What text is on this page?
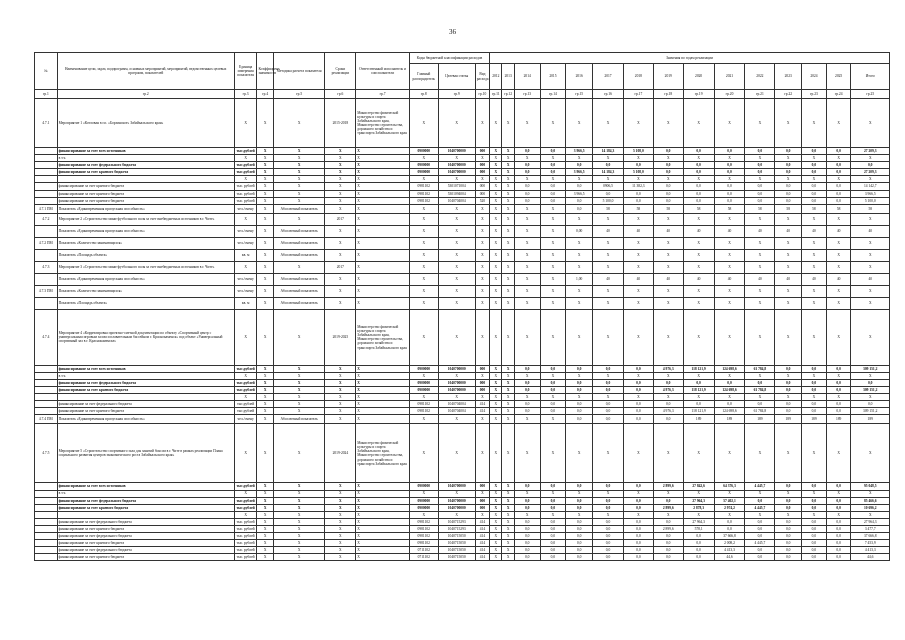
36
№	Наименование цели, задач, подпрограмм, основных мероприятий, мероприятий, ведомственных целевых программ, показателей	Единица измерения показателя	Коэффициент значимости	Методика расчета показателя	Сроки реализации	Ответственный исполнитель и соисполнители	Коды бюджетной классификации расходов			Значения по годам реализации														
							Главный распорядитель	Целевая статья	Вид расхода	2012	2013	2014	2015	2016	2017	2018	2019	2020	2021	2022	2023	2024	2025	Итого
гр.1	гр.2	гр.3	гр.4	гр.5	гр.6	гр.7	гр.8	гр.9	гр.10	гр.11	гр.12	гр.13	гр.14	гр.15	гр.16	гр.17	гр.18	гр.19	гр.20	гр.21	гр.22	гр.23	гр.24	гр.25
4.7.1	Мероприятие 1 «Котлован в г.п. «Борзинское» Забайкальского края»	X	X	X	2015-2018	Министерство физической культуры и спорта Забайкальского края, Министерство строительства, дорожного хозяйства и транспорта Забайкальского края	X	X	X	X	X	X	X	X	X	X	X	X	X	X	X	X	X	X
	финансирование за счет всех источников	тыс.рублей	X	X	X	X	0900000	1040700000	000	X	X	0,0	0,0	3 966,5	14 184,3	5 108,0	0,0	0,0	0,0	0,0	0,0	0,0	0,0	27 209,3
	в т.ч.	X	X	X	X	X	X	X	X	X	X	X	X	X	X	X	X	X	X	X	X	X	X	X
	финансирование за счет федерального бюджета	тыс.рублей	X	X	X	X	0900000	1040700000	000	X	X	0,0	0,0	0,0	0,0	0,0	0,0	0,0	0,0	0,0	0,0	0,0	0,0	0,0
	финансирование за счет краевого бюджета	тыс.рублей	X	X	X	X	0900000	1040700000	000	X	X	0,0	0,0	3 966,5	14 184,3	5 108,0	0,0	0,0	0,0	0,0	0,0	0,0	0,0	27 209,3
		X	X	X	X	X	X	X	X	X	X	X	X	X	X	X	X	X	X	X	X	X	X	X
	финансирование за счет краевого бюджета	тыс. рублей	X	X	X	X	0981102	5301071004	000	X	X	0,0	0,0	0,0	0906,5	11 382,3	0,0	0,0	0,0	0,0	0,0	0,0	0,0	14 142,7
	финансирование за счет краевого бюджета	тыс. рублей	X	X	X	X	0981102	5301094004	000	X	X	0,0	0,0	3 966,5	0,0	0,0	0,0	0,0	0,0	0,0	0,0	0,0	0,0	3 966,5
	финансирование за счет краевого бюджета	тыс. рублей	X	X	X	X	0981102	1040704004	520	X	X	0,0	0,0	0,0	5 100,0	0,0	0,0	0,0	0,0	0,0	0,0	0,0	0,0	5 100,0
4.7.1 ПМ	Показатель «Единовременная пропускная способность»	чел./смену	X	Абсолютный показатель	X	X	X	X	X	X	X	X	X	0,0	58	58	58	58	58	58	58	58	58	58
4.7.2	Мероприятие 2 «Строительство мини-футбольного поля за счет внебюджетных источников в г. Чите»	X	X	X	2017	X	X	X	X	X	X	X	X	X	X	X	X	X	X	X	X	X	X	X
	Показатель «Единовременная пропускная способность»	чел./смену	X	Абсолютный показатель	X	X	X	X	X	X	X	X	X	0,00	40	40	40	40	40	40	40	40	40	40
4.7.2 ПМ	Показатель «Количество занимающихся»	чел./смену	X	Абсолютный показатель	X	X	X	X	X	X	X	X	X	X	X	X	X	X	X	X	X	X	X	X
	Показатель «Площадь объекта»	кв. м	X	Абсолютный показатель	X	X	X	X	X	X	X	X	X	X	X	X	X	X	X	X	X	X	X	X
4.7.3	Мероприятие 3 «Строительство мини-футбольного поля за счет внебюджетных источников в г. Чите»	X	X	X	2017	X	X	X	X	X	X	X	X	X	X	X	X	X	X	X	X	X	X	X
	Показатель «Единовременная пропускная способность»	чел./смену	X	Абсолютный показатель	X	X	X	X	X	X	X	X	X	1,00	40	40	40	40	40	40	40	40	40	40
4.7.3 ПМ	Показатель «Количество занимающихся»	чел./смену	X	Абсолютный показатель	X	X	X	X	X	X	X	X	X	X	X	X	X	X	X	X	X	X	X	X
	Показатель «Площадь объекта»	кв. м	X	Абсолютный показатель	X	X	X	X	X	X	X	X	X	X	X	X	X	X	X	X	X	X	X	X
4.7.4	Мероприятие 4 «Корректировка проектно-сметной документации по объекту «Спортивный центр с универсальным игровым залом и плавательным бассейном г. Краснокаменск» под объект «Универсальный спортивный зал в г. Краснокаменске»	X	X	X	2019-2025	Министерство физической культуры и спорта Забайкальского края, Министерство строительства, дорожного хозяйства и транспорта Забайкальского края	X	X	X	X	X	X	X	X	X	X	X	X	X	X	X	X	X	X
	финансирование за счет всех источников	тыс.рублей	X	X	X	X	0900000	1040700000	000	X	X	0,0	0,0	0,0	0,0	0,0	4 976,3	118 121,9	124 698,6	61 784,8	0,0	0,0	0,0	309 151,2
	в т.ч.	X	X	X	X	X	X	X	X	X	X	X	X	X	X	X	X	X	X	X	X	X	X	X
	финансирование за счет федерального бюджета	тыс.рублей	X	X	X	X	0900000	1040700000	000	X	X	0,0	0,0	0,0	0,0	0,0	0,0	0,0	0,0	0,0	0,0	0,0	0,0	0,0
	финансирование за счет краевого бюджета	тыс.рублей	X	X	X	X	0900000	1040700000	000	X	X	0,0	0,0	0,0	0,0	0,0	4 976,3	118 121,9	124 698,6	61 784,8	0,0	0,0	0,0	309 151,2
		X	X	X	X	X	X	X	X	X	X	X	X	X	X	X	X	X	X	X	X	X	X	X
	финансирование за счет федерального бюджета	тыс.рублей	X	X	X	X	0981102	1040704004	414	X	X	0,0	0,0	0,0	0,0	0,0	0,0	0,0	0,0	0,0	0,0	0,0	0,0	0,0
	финансирование за счет краевого бюджета	тыс.рублей	X	X	X	X	0981102	1040704004	414	X	X	0,0	0,0	0,0	0,0	0,0	4 976,3	118 121,9	124 698,6	61 784,8	0,0	0,0	0,0	309 151,2
4.7.4 ПМ	Показатель «Единовременная пропускная способность»	чел./смену	X	Абсолютный показатель	X	X	X	X	X	X	X	X	X	0,0	0,0	0,0	0,0	189	189	189	189	189	189	189
4.7.5	Мероприятие 5 «Строительство спортивного зала для занятий боксом в г. Чите в рамках реализации Плана социального развития центров экономического роста Забайкальского края»	X	X	X	2019-2024	Министерство физической культуры и спорта Забайкальского края, Министерство строительства, дорожного хозяйства и транспорта Забайкальского края	X	X	X	X	X	X	X	X	X	X	X	X	X	X	X	X	X	X
	финансирование за счет всех источников	тыс.рублей	X	X	X	X	0900000	1040700000	000	X	X	0,0	0,0	0,0	0,0	0,0	2 899,6	27 842,6	64 376,3	4 445,7	0,0	0,0	0,0	95 048,5
	в т.ч.	X	X	X	X	X	X	X	X	X	X	X	X	X	X	X	X	X	X	X	X	X	X	X
	финансирование за счет федерального бюджета	тыс.рублей	X	X	X	X	0900000	1040700000	000	X	X	0,0	0,0	0,0	0,0	0,0	0,0	27 964,3	57 402,1	0,0	0,0	0,0	0,0	85 466,6
	финансирование за счет краевого бюджета	тыс.рублей	X	X	X	X	0900000	1040700000	000	X	X	0,0	0,0	0,0	0,0	0,0	2 899,6	2 878,3	2 974,2	4 445,7	0,0	0,0	0,0	10 696,2
		X	X	X	X	X	X	X	X	X	X	X	X	X	X	X	X	X	X	X	X	X	X	X
	финансирование за счет федерального бюджета	тыс. рублей	X	X	X	X	0981102	1040715293	414	X	X	0,0	0,0	0,0	0,0	0,0	0,0	27 964,3	0,0	0,0	0,0	0,0	0,0	27 964,3
	финансирование за счет краевого бюджета	тыс. рублей	X	X	X	X	0981102	1040715293	414	X	X	0,0	0,0	0,0	0,0	0,0	2 899,6	578,1	0,0	0,0	0,0	0,0	0,0	3 477,7
	финансирование за счет федерального бюджета	тыс. рублей	X	X	X	X	0981102	1040715050	414	X	X	0,0	0,0	0,0	0,0	0,0	0,0	0,0	37 666,8	0,0	0,0	0,0	0,0	37 666,8
	финансирование за счет краевого бюджета	тыс. рублей	X	X	X	X	0981102	1040715050	414	X	X	0,0	0,0	0,0	0,0	0,0	0,0	0,0	2 008,2	4 445,7	0,0	0,0	0,0	7 453,9
	финансирование за счет федерального бюджета	тыс. рублей	X	X	X	X	0711102	1040715050	414	X	X	0,0	0,0	0,0	0,0	0,0	0,0	0,0	4 413,3	0,0	0,0	0,0	0,0	4 413,3
	финансирование за счет краевого бюджета	тыс. рублей	X	X	X	X	0711102	1040715050	414	X	X	0,0	0,0	0,0	0,0	0,0	0,0	0,0	44,6	0,0	0,0	0,0	0,0	44,6
